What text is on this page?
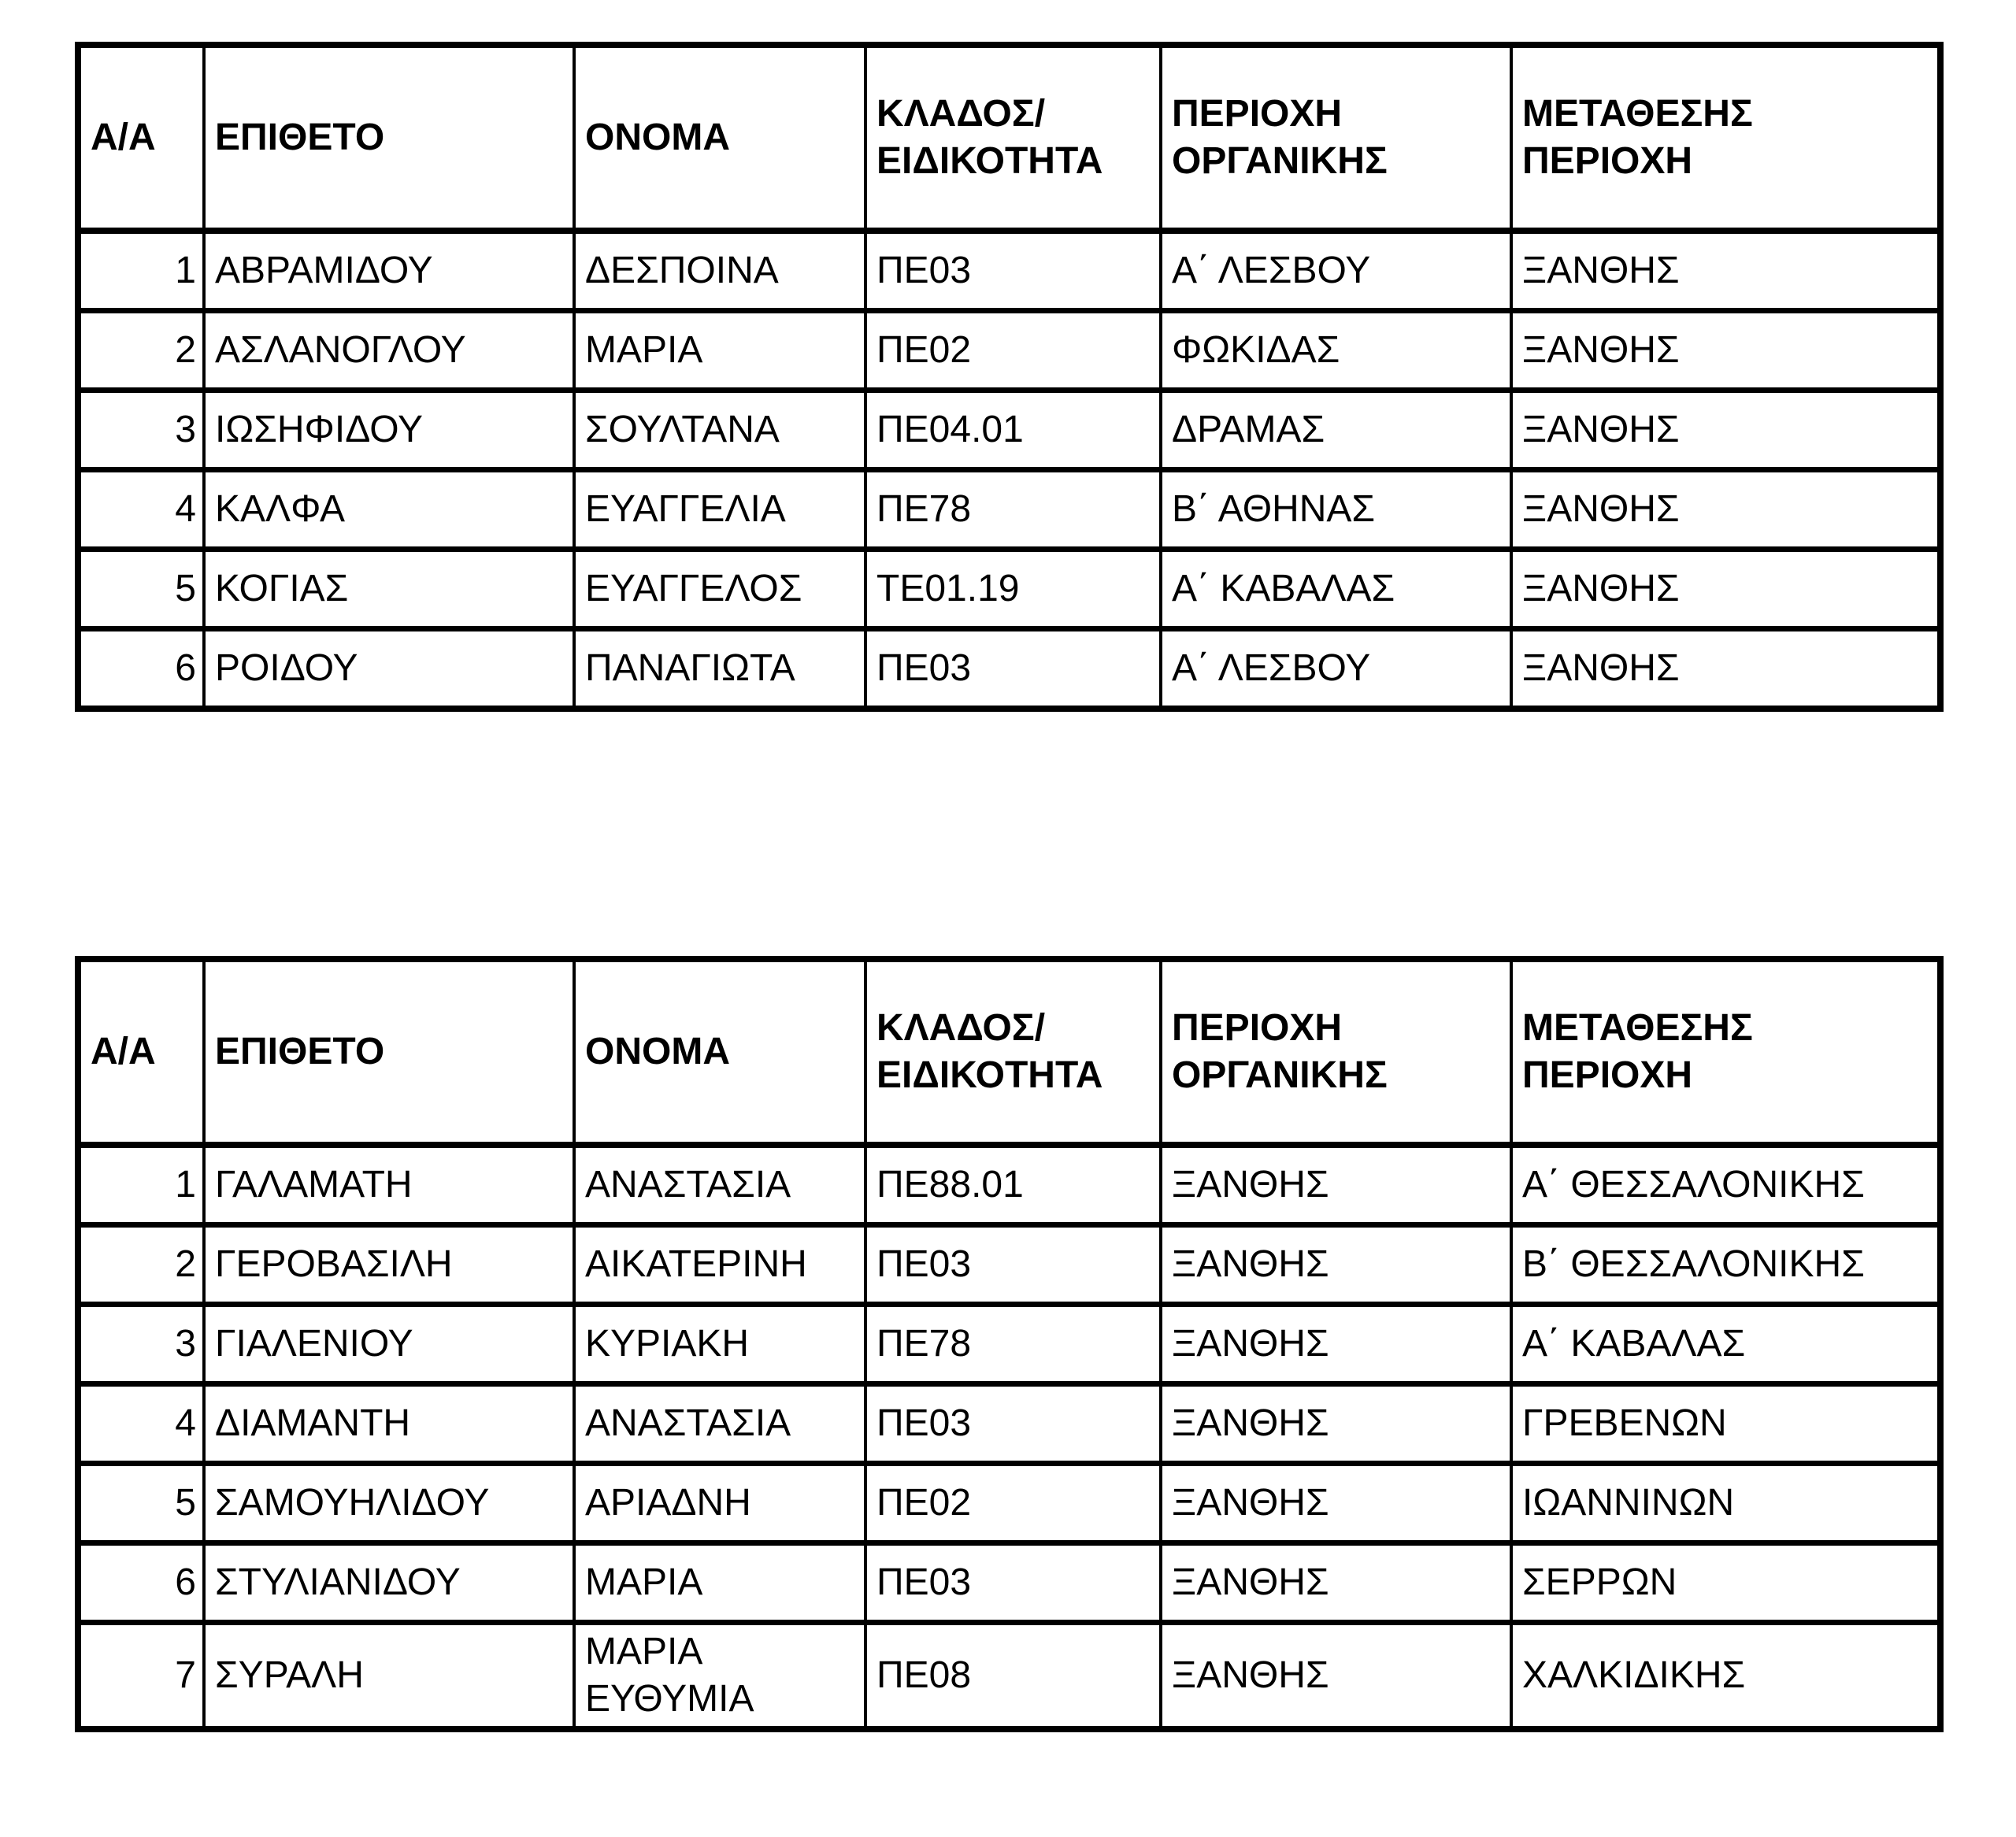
Α/Α	ΕΠΙΘΕΤΟ	ΟΝΟΜΑ	ΚΛΑΔΟΣ/ΕΙΔΙΚΟΤΗΤΑ	ΠΕΡΙΟΧΗ ΟΡΓΑΝΙΚΗΣ	ΜΕΤΑΘΕΣΗΣ ΠΕΡΙΟΧΗ
1	ΑΒΡΑΜΙΔΟΥ	ΔΕΣΠΟΙΝΑ	ΠΕ03	Α΄ ΛΕΣΒΟΥ	ΞΑΝΘΗΣ
2	ΑΣΛΑΝΟΓΛΟΥ	ΜΑΡΙΑ	ΠΕ02	ΦΩΚΙΔΑΣ	ΞΑΝΘΗΣ
3	ΙΩΣΗΦΙΔΟΥ	ΣΟΥΛΤΑΝΑ	ΠΕ04.01	ΔΡΑΜΑΣ	ΞΑΝΘΗΣ
4	ΚΑΛΦΑ	ΕΥΑΓΓΕΛΙΑ	ΠΕ78	Β΄ ΑΘΗΝΑΣ	ΞΑΝΘΗΣ
5	ΚΟΓΙΑΣ	ΕΥΑΓΓΕΛΟΣ	ΤΕ01.19	Α΄ ΚΑΒΑΛΑΣ	ΞΑΝΘΗΣ
6	ΡΟΙΔΟΥ	ΠΑΝΑΓΙΩΤΑ	ΠΕ03	Α΄ ΛΕΣΒΟΥ	ΞΑΝΘΗΣ
Α/Α	ΕΠΙΘΕΤΟ	ΟΝΟΜΑ	ΚΛΑΔΟΣ/ΕΙΔΙΚΟΤΗΤΑ	ΠΕΡΙΟΧΗ ΟΡΓΑΝΙΚΗΣ	ΜΕΤΑΘΕΣΗΣ ΠΕΡΙΟΧΗ
1	ΓΑΛΑΜΑΤΗ	ΑΝΑΣΤΑΣΙΑ	ΠΕ88.01	ΞΑΝΘΗΣ	Α΄ ΘΕΣΣΑΛΟΝΙΚΗΣ
2	ΓΕΡΟΒΑΣΙΛΗ	ΑΙΚΑΤΕΡΙΝΗ	ΠΕ03	ΞΑΝΘΗΣ	Β΄ ΘΕΣΣΑΛΟΝΙΚΗΣ
3	ΓΙΑΛΕΝΙΟΥ	ΚΥΡΙΑΚΗ	ΠΕ78	ΞΑΝΘΗΣ	Α΄ ΚΑΒΑΛΑΣ
4	ΔΙΑΜΑΝΤΗ	ΑΝΑΣΤΑΣΙΑ	ΠΕ03	ΞΑΝΘΗΣ	ΓΡΕΒΕΝΩΝ
5	ΣΑΜΟΥΗΛΙΔΟΥ	ΑΡΙΑΔΝΗ	ΠΕ02	ΞΑΝΘΗΣ	ΙΩΑΝΝΙΝΩΝ
6	ΣΤΥΛΙΑΝΙΔΟΥ	ΜΑΡΙΑ	ΠΕ03	ΞΑΝΘΗΣ	ΣΕΡΡΩΝ
7	ΣΥΡΑΛΗ	ΜΑΡΙΑ ΕΥΘΥΜΙΑ	ΠΕ08	ΞΑΝΘΗΣ	ΧΑΛΚΙΔΙΚΗΣ
